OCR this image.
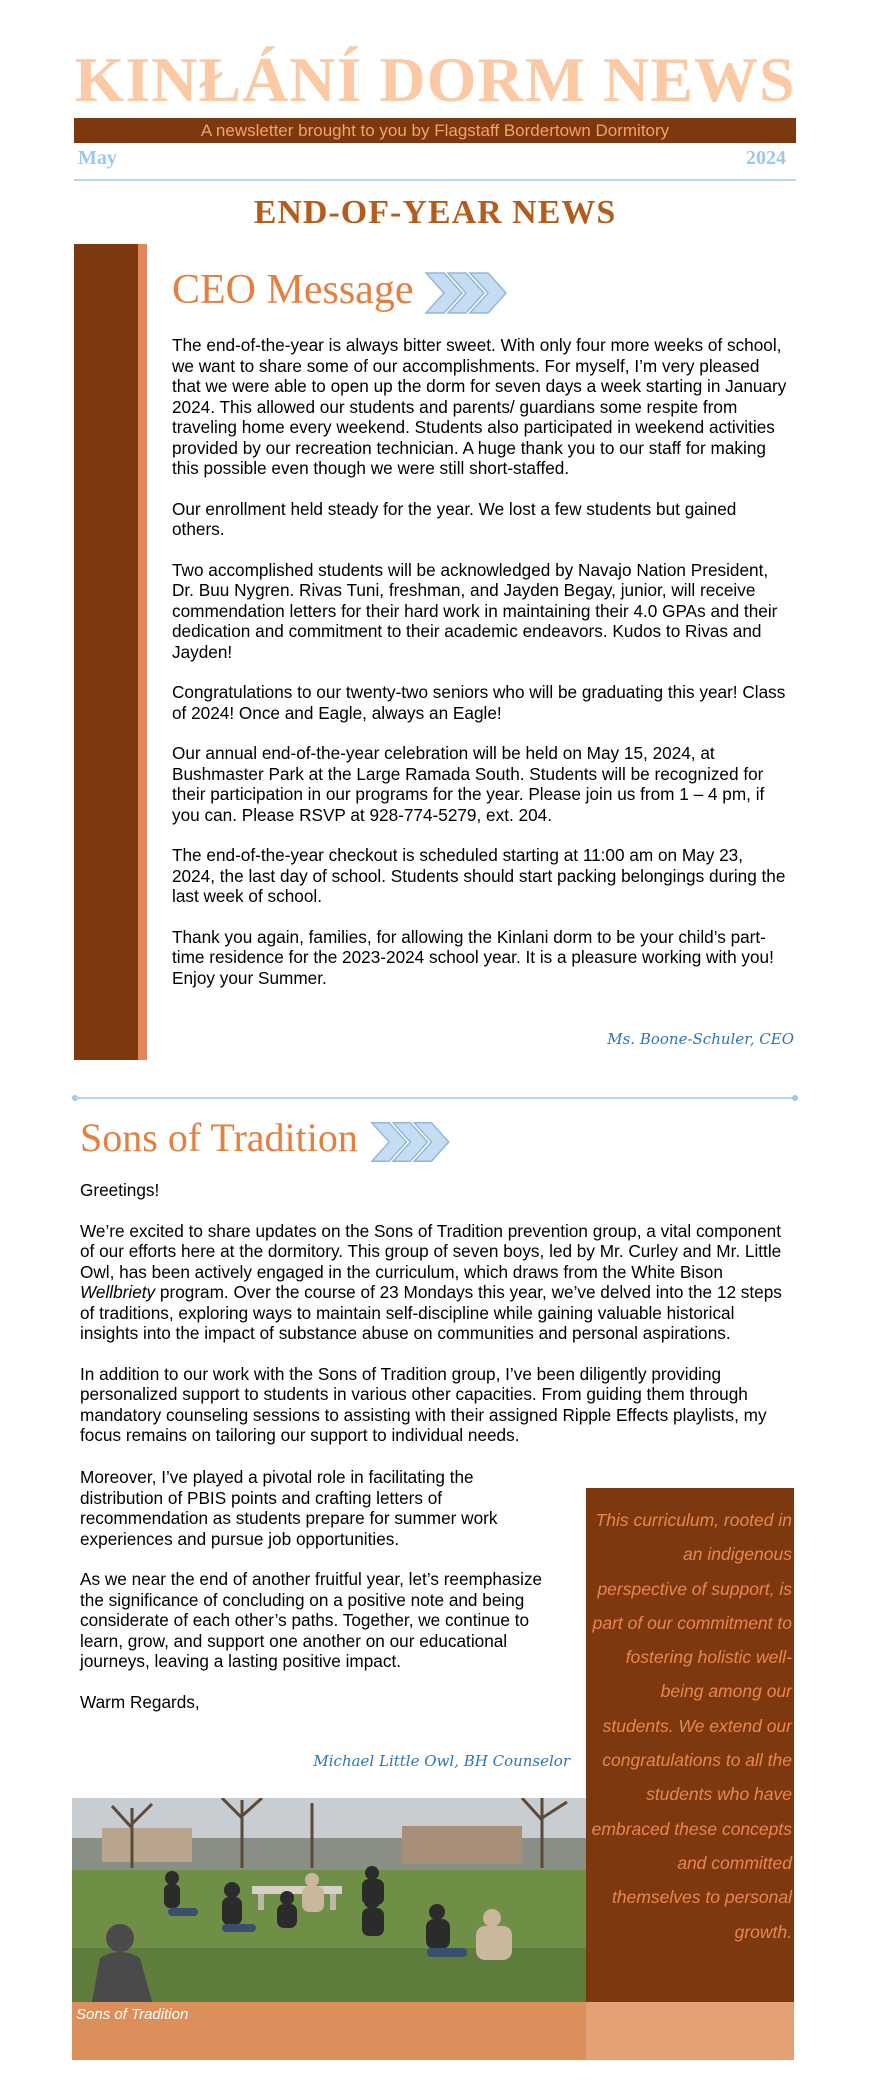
KINŁÁNÍ DORM NEWS
A newsletter brought to you by Flagstaff Bordertown Dormitory
May	2024
END-OF-YEAR NEWS
CEO Message

The end-of-the-year is always bitter sweet. With only four more weeks of school, we want to share some of our accomplishments. For myself, I’m very pleased that we were able to open up the dorm for seven days a week starting in January 2024. This allowed our students and parents/ guardians some respite from traveling home every weekend. Students also participated in weekend activities provided by our recreation technician. A huge thank you to our staff for making this possible even though we were still short-staffed.

Our enrollment held steady for the year. We lost a few students but gained others.

Two accomplished students will be acknowledged by Navajo Nation President, Dr. Buu Nygren. Rivas Tuni, freshman, and Jayden Begay, junior, will receive commendation letters for their hard work in maintaining their 4.0 GPAs and their dedication and commitment to their academic endeavors. Kudos to Rivas and Jayden!

Congratulations to our twenty-two seniors who will be graduating this year! Class of 2024! Once and Eagle, always an Eagle!

Our annual end-of-the-year celebration will be held on May 15, 2024, at Bushmaster Park at the Large Ramada South. Students will be recognized for their participation in our programs for the year. Please join us from 1 – 4 pm, if you can. Please RSVP at 928-774-5279, ext. 204.

The end-of-the-year checkout is scheduled starting at 11:00 am on May 23, 2024, the last day of school. Students should start packing belongings during the last week of school.

Thank you again, families, for allowing the Kinlani dorm to be your child’s part-time residence for the 2023-2024 school year. It is a pleasure working with you! Enjoy your Summer.

Ms. Boone-Schuler, CEO
Sons of Tradition

Greetings!

We’re excited to share updates on the Sons of Tradition prevention group, a vital component of our efforts here at the dormitory. This group of seven boys, led by Mr. Curley and Mr. Little Owl, has been actively engaged in the curriculum, which draws from the White Bison Wellbriety program. Over the course of 23 Mondays this year, we’ve delved into the 12 steps of traditions, exploring ways to maintain self-discipline while gaining valuable historical insights into the impact of substance abuse on communities and personal aspirations.

In addition to our work with the Sons of Tradition group, I’ve been diligently providing personalized support to students in various other capacities. From guiding them through mandatory counseling sessions to assisting with their assigned Ripple Effects playlists, my focus remains on tailoring our support to individual needs.

Moreover, I’ve played a pivotal role in facilitating the distribution of PBIS points and crafting letters of recommendation as students prepare for summer work experiences and pursue job opportunities.

As we near the end of another fruitful year, let’s reemphasize the significance of concluding on a positive note and being considerate of each other’s paths. Together, we continue to learn, grow, and support one another on our educational journeys, leaving a lasting positive impact.

Warm Regards,

Michael Little Owl, BH Counselor
This curriculum, rooted in an indigenous perspective of support, is part of our commitment to fostering holistic well-being among our students. We extend our congratulations to all the students who have embraced these concepts and committed themselves to personal growth.
Sons of Tradition
